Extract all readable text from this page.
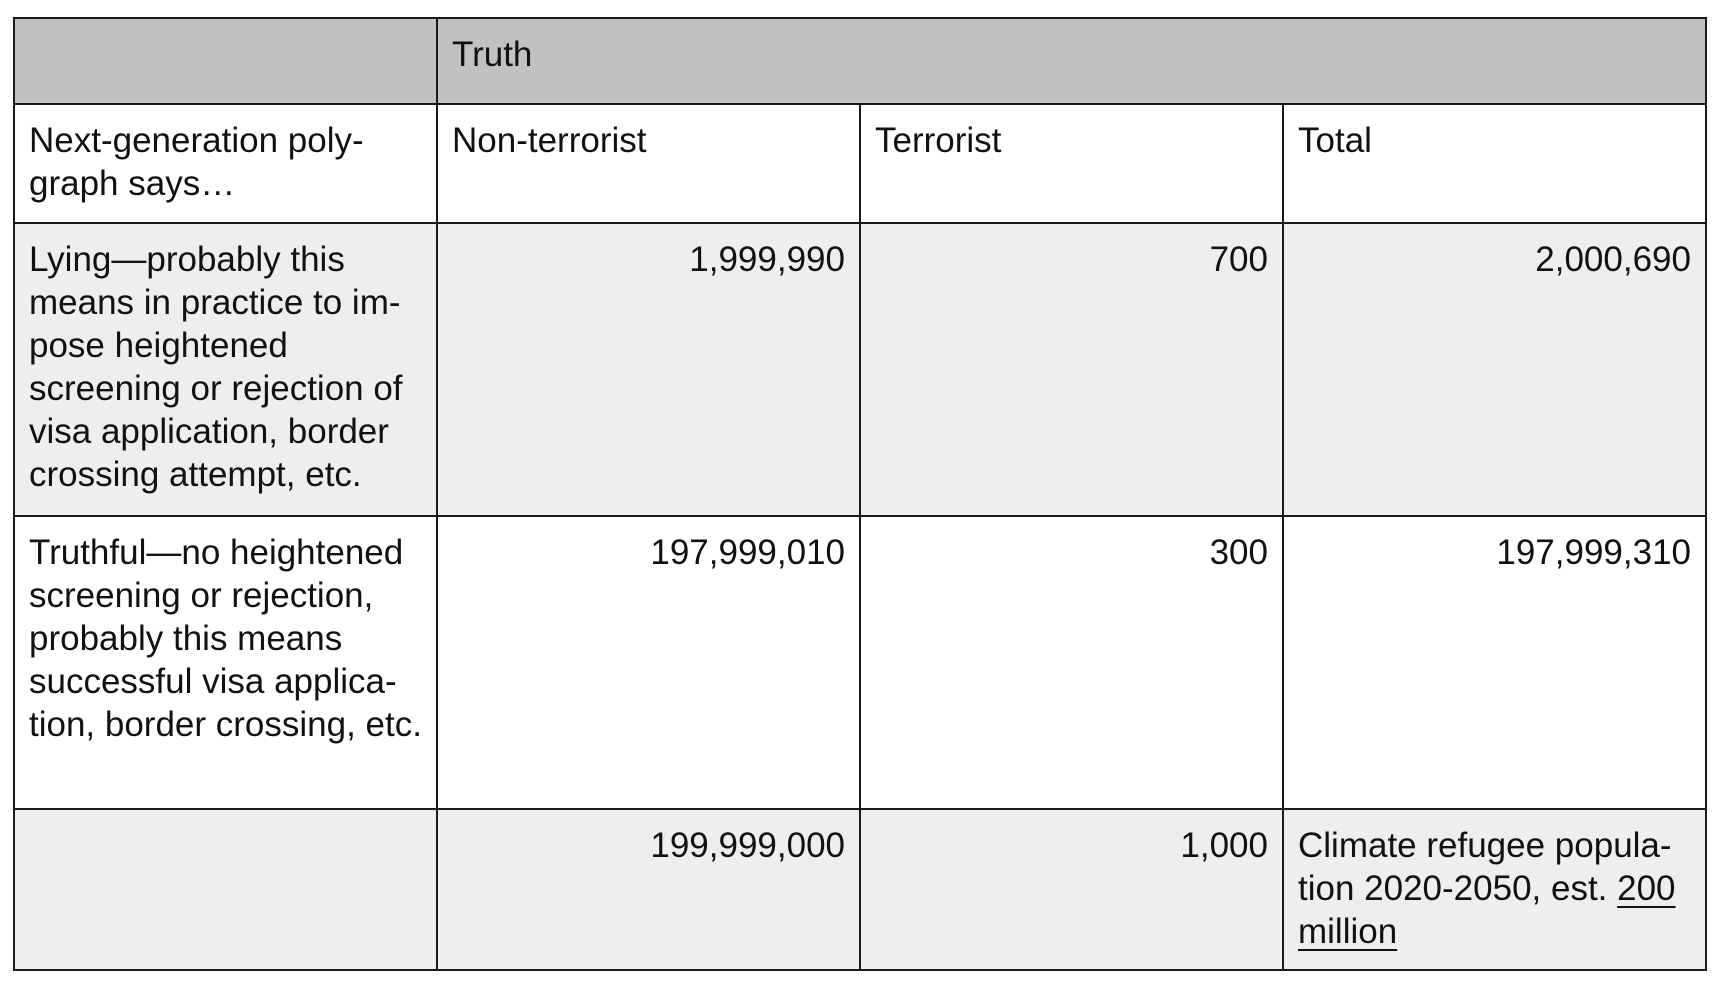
	Truth		
Next-generation poly-graph says…	Non-terrorist	Terrorist	Total
Lying—probably this means in practice to im-pose heightened screening or rejection of visa application, border crossing attempt, etc.	1,999,990	700	2,000,690
Truthful—no heightened screening or rejection, probably this means successful visa applica-tion, border crossing, etc.	197,999,010	300	197,999,310
	199,999,000	1,000	Climate refugee popula-tion 2020-2050, est. 200 million
